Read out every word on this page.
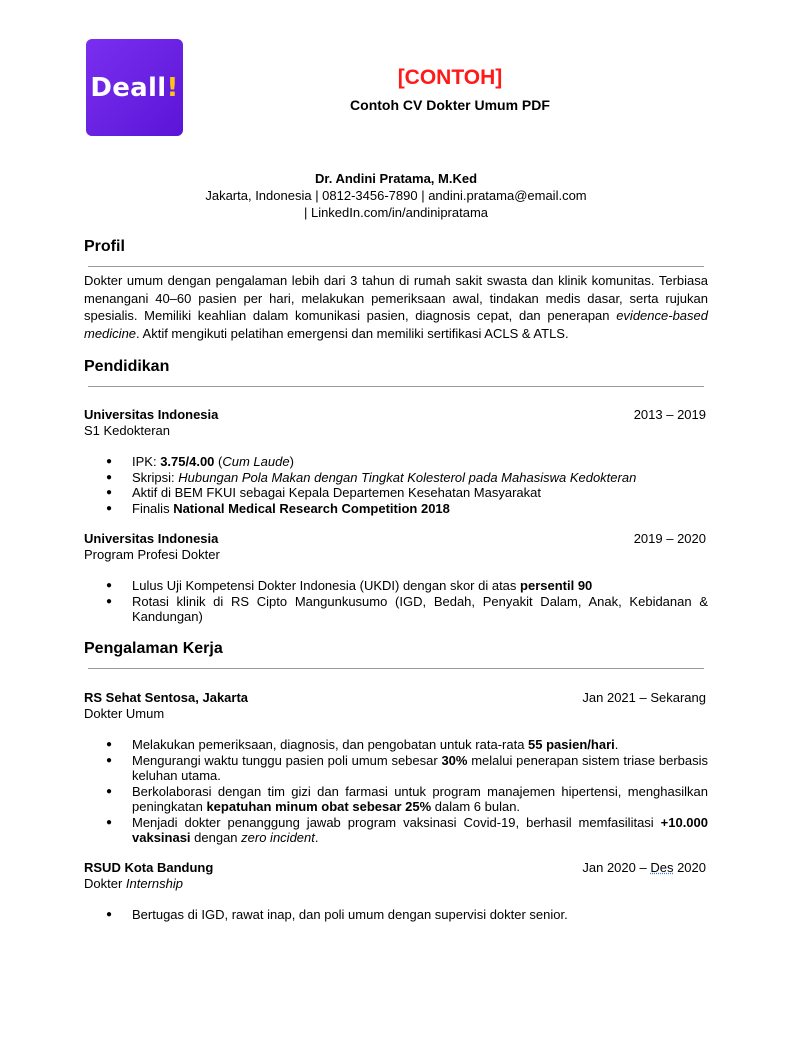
Deall!	[CONTOH]
Contoh CV Dokter Umum PDF
Dr. Andini Pratama, M.Ked
Jakarta, Indonesia | 0812-3456-7890 | andini.pratama@email.com
| LinkedIn.com/in/andinipratama
Profil
Dokter umum dengan pengalaman lebih dari 3 tahun di rumah sakit swasta dan klinik komunitas. Terbiasa menangani 40–60 pasien per hari, melakukan pemeriksaan awal, tindakan medis dasar, serta rujukan spesialis. Memiliki keahlian dalam komunikasi pasien, diagnosis cepat, dan penerapan evidence-based medicine. Aktif mengikuti pelatihan emergensi dan memiliki sertifikasi ACLS & ATLS.
Pendidikan
Universitas Indonesia	2013 – 2019
S1 Kedokteran
● IPK: 3.75/4.00 (Cum Laude)
● Skripsi: Hubungan Pola Makan dengan Tingkat Kolesterol pada Mahasiswa Kedokteran
● Aktif di BEM FKUI sebagai Kepala Departemen Kesehatan Masyarakat
● Finalis National Medical Research Competition 2018
Universitas Indonesia	2019 – 2020
Program Profesi Dokter
● Lulus Uji Kompetensi Dokter Indonesia (UKDI) dengan skor di atas persentil 90
● Rotasi klinik di RS Cipto Mangunkusumo (IGD, Bedah, Penyakit Dalam, Anak, Kebidanan & Kandungan)
Pengalaman Kerja
RS Sehat Sentosa, Jakarta	Jan 2021 – Sekarang
Dokter Umum
● Melakukan pemeriksaan, diagnosis, dan pengobatan untuk rata-rata 55 pasien/hari.
● Mengurangi waktu tunggu pasien poli umum sebesar 30% melalui penerapan sistem triase berbasis keluhan utama.
● Berkolaborasi dengan tim gizi dan farmasi untuk program manajemen hipertensi, menghasilkan peningkatan kepatuhan minum obat sebesar 25% dalam 6 bulan.
● Menjadi dokter penanggung jawab program vaksinasi Covid-19, berhasil memfasilitasi +10.000 vaksinasi dengan zero incident.
RSUD Kota Bandung	Jan 2020 – Des 2020
Dokter Internship
● Bertugas di IGD, rawat inap, dan poli umum dengan supervisi dokter senior.
